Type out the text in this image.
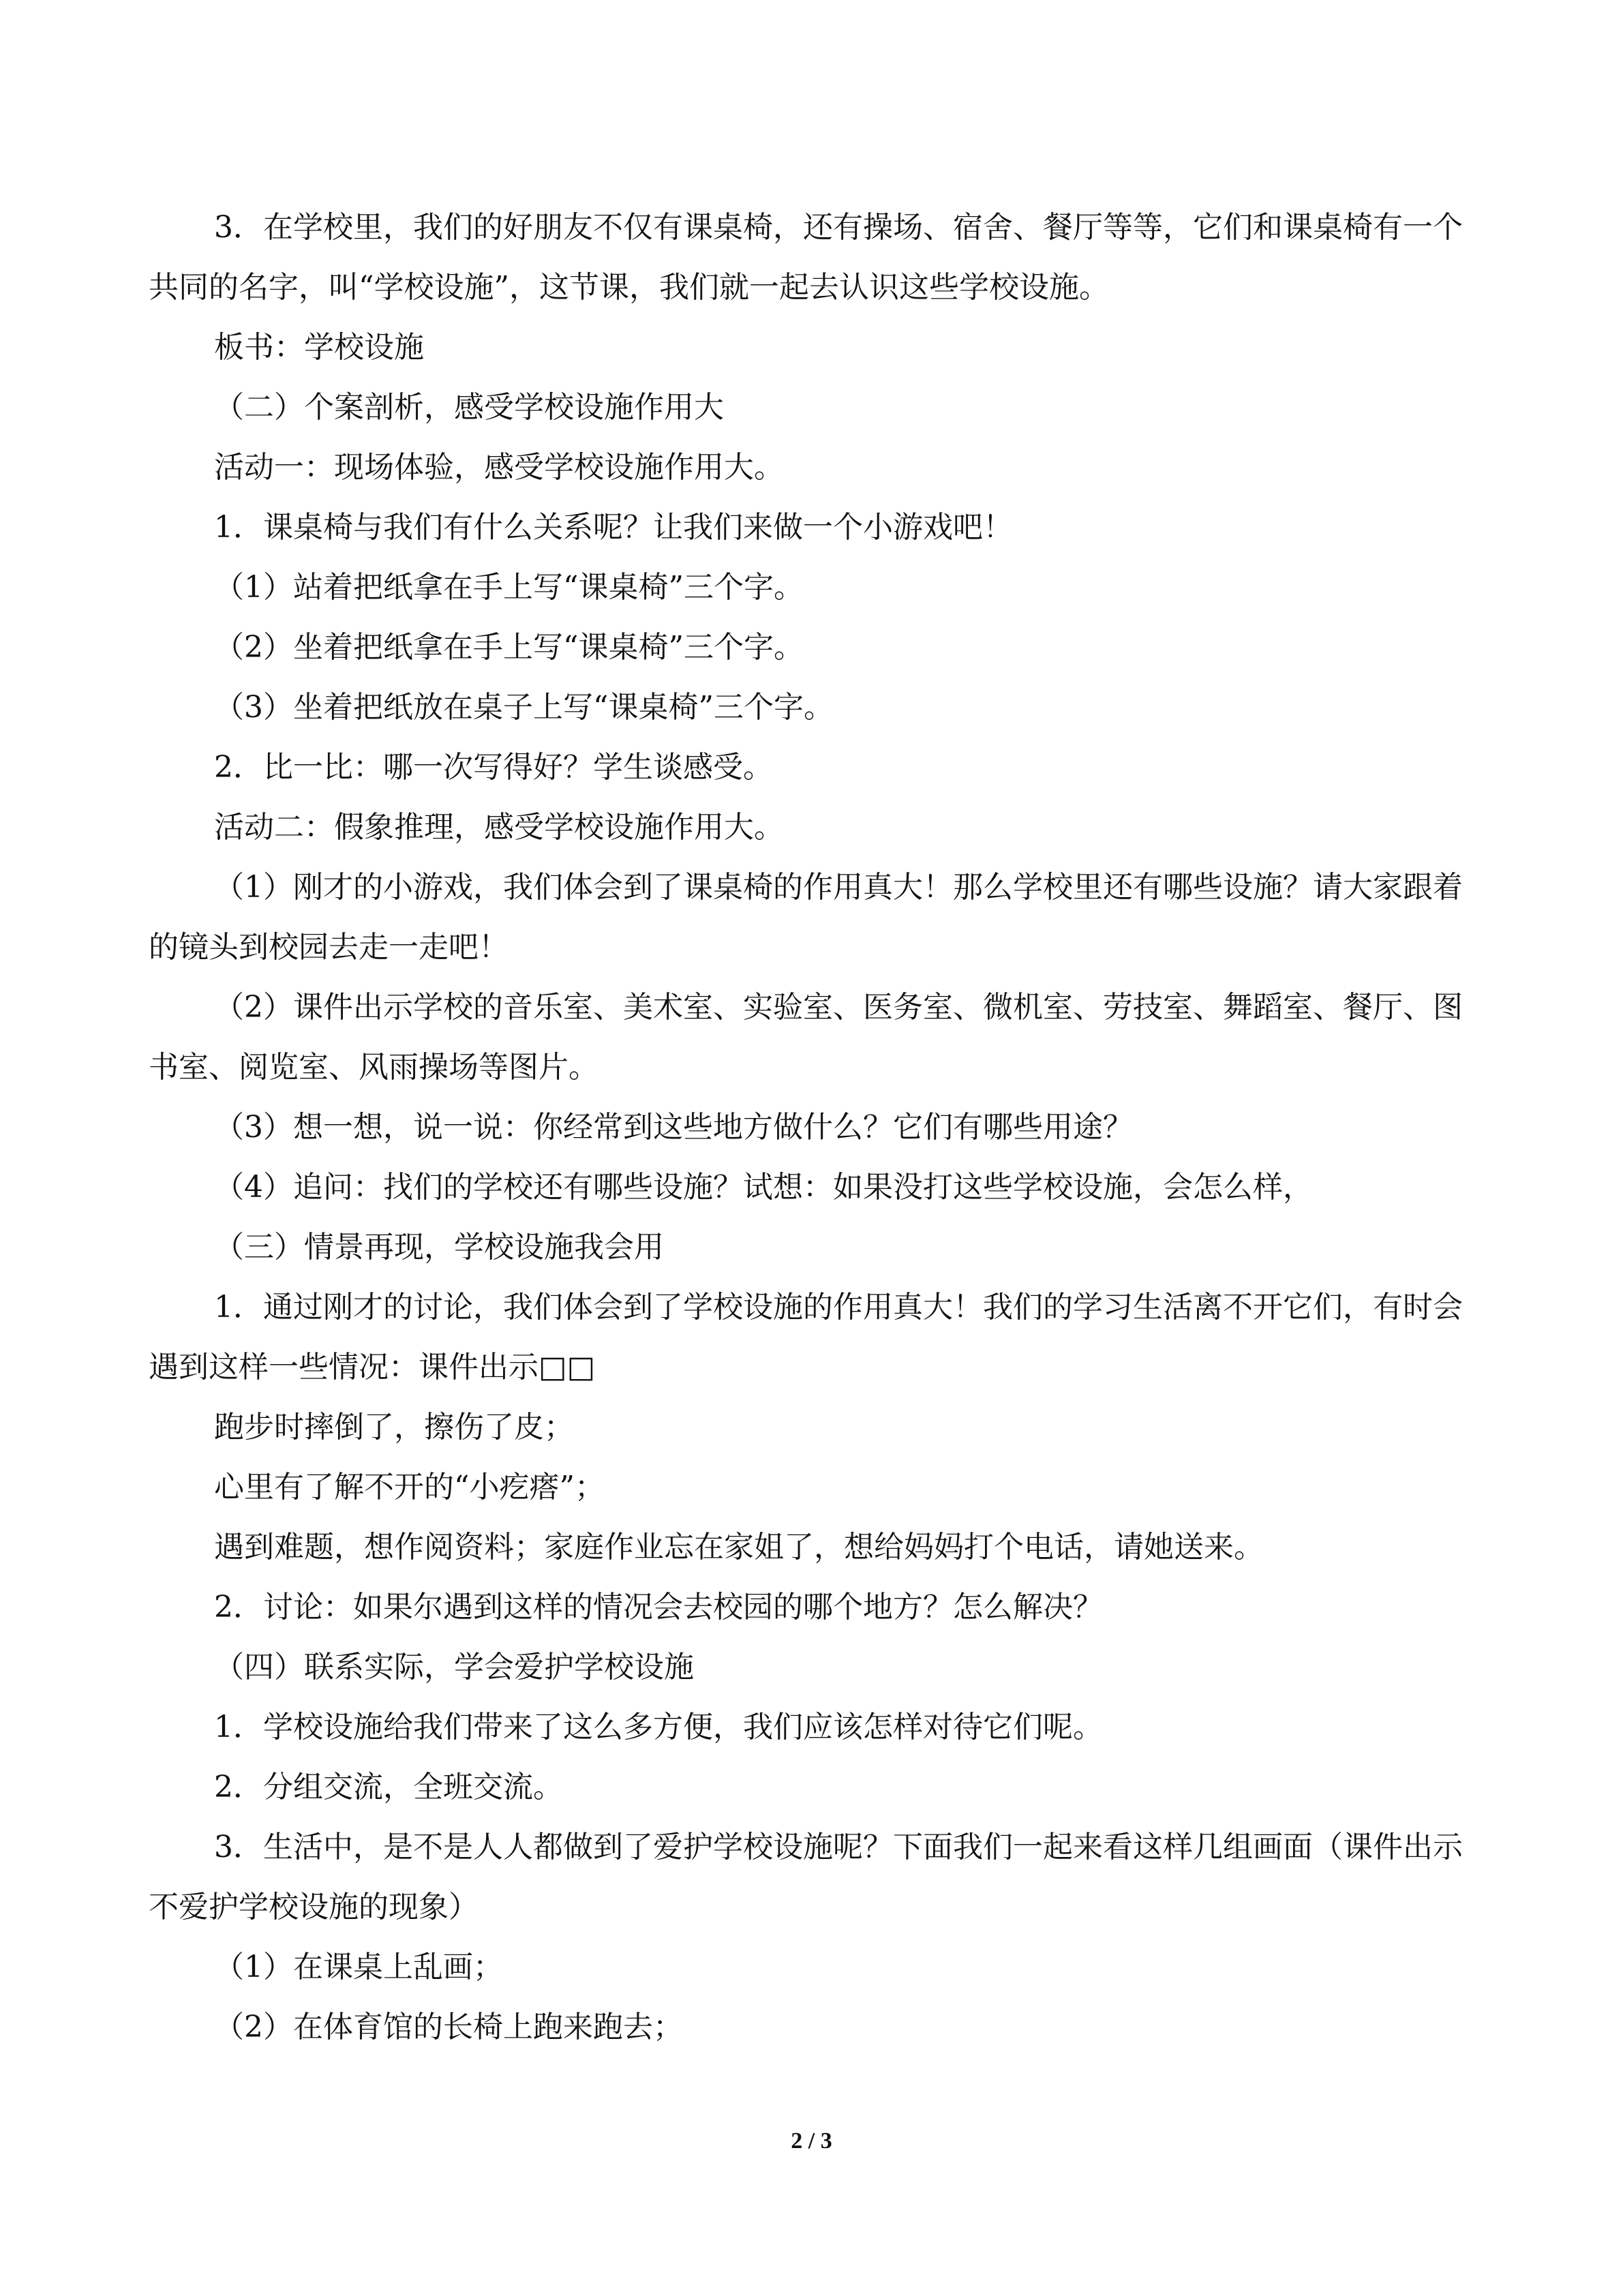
3．在学校里，我们的好朋友不仅有课桌椅，还有操场、宿舍、餐厅等等，它们和课桌椅有一个共同的名字，叫“学校设施”，这节课，我们就一起去认识这些学校设施。

板书：学校设施

（二）个案剖析，感受学校设施作用大

活动一：现场体验，感受学校设施作用大。

1．课桌椅与我们有什么关系呢？让我们来做一个小游戏吧！

（1）站着把纸拿在手上写“课桌椅”三个字。

（2）坐着把纸拿在手上写“课桌椅”三个字。

（3）坐着把纸放在桌子上写“课桌椅”三个字。

2．比一比：哪一次写得好？学生谈感受。

活动二：假象推理，感受学校设施作用大。

（1）刚才的小游戏，我们体会到了课桌椅的作用真大！那么学校里还有哪些设施？请大家跟着的镜头到校园去走一走吧！

（2）课件出示学校的音乐室、美术室、实验室、医务室、微机室、劳技室、舞蹈室、餐厅、图书室、阅览室、风雨操场等图片。

（3）想一想，说一说：你经常到这些地方做什么？它们有哪些用途？

（4）追问：找们的学校还有哪些设施？试想：如果没打这些学校设施，会怎么样，

（三）情景再现，学校设施我会用

1．通过刚才的讨论，我们体会到了学校设施的作用真大！我们的学习生活离不开它们，有时会遇到这样一些情况：课件出示□□

跑步时摔倒了，擦伤了皮；

心里有了解不开的“小疙瘩”；

遇到难题，想作阅资料；家庭作业忘在家姐了，想给妈妈打个电话，请她送来。

2．讨论：如果尔遇到这样的情况会去校园的哪个地方？怎么解决？

（四）联系实际，学会爱护学校设施

1．学校设施给我们带来了这么多方便，我们应该怎样对待它们呢。

2．分组交流，全班交流。

3．生活中，是不是人人都做到了爱护学校设施呢？下面我们一起来看这样几组画面（课件出示不爱护学校设施的现象）

（1）在课桌上乱画；

（2）在体育馆的长椅上跑来跑去；

2 / 3
